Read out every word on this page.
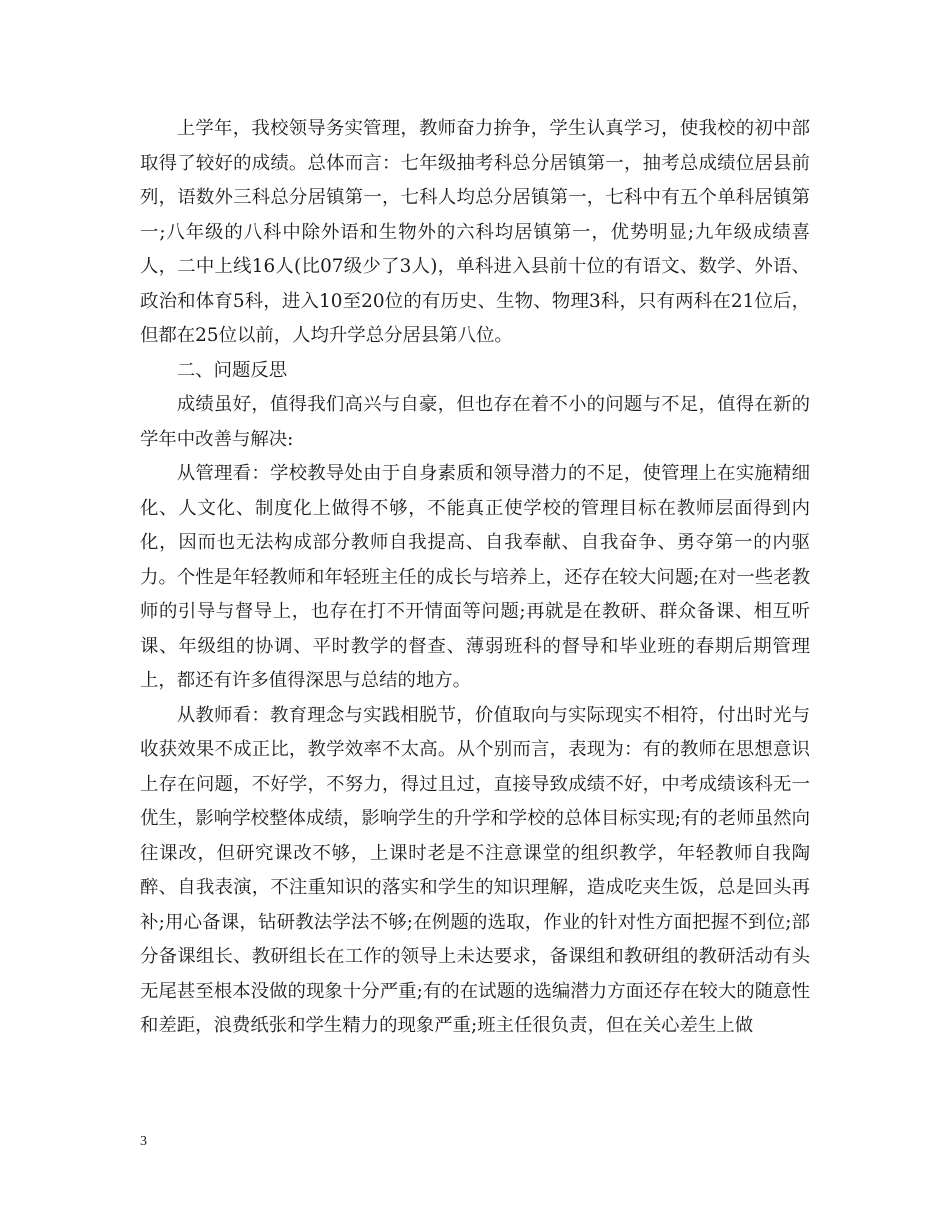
上学年，我校领导务实管理，教师奋力拚争，学生认真学习，使我校的初中部取得了较好的成绩。总体而言：七年级抽考科总分居镇第一，抽考总成绩位居县前列，语数外三科总分居镇第一，七科人均总分居镇第一，七科中有五个单科居镇第一;八年级的八科中除外语和生物外的六科均居镇第一，优势明显;九年级成绩喜人，二中上线16人(比07级少了3人)，单科进入县前十位的有语文、数学、外语、政治和体育5科，进入10至20位的有历史、生物、物理3科，只有两科在21位后，但都在25位以前，人均升学总分居县第八位。

二、问题反思

成绩虽好，值得我们高兴与自豪，但也存在着不小的问题与不足，值得在新的学年中改善与解决:

从管理看：学校教导处由于自身素质和领导潜力的不足，使管理上在实施精细化、人文化、制度化上做得不够，不能真正使学校的管理目标在教师层面得到内化，因而也无法构成部分教师自我提高、自我奉献、自我奋争、勇夺第一的内驱力。个性是年轻教师和年轻班主任的成长与培养上，还存在较大问题;在对一些老教师的引导与督导上，也存在打不开情面等问题;再就是在教研、群众备课、相互听课、年级组的协调、平时教学的督查、薄弱班科的督导和毕业班的春期后期管理上，都还有许多值得深思与总结的地方。

从教师看：教育理念与实践相脱节，价值取向与实际现实不相符，付出时光与收获效果不成正比，教学效率不太高。从个别而言，表现为：有的教师在思想意识上存在问题，不好学，不努力，得过且过，直接导致成绩不好，中考成绩该科无一优生，影响学校整体成绩，影响学生的升学和学校的总体目标实现;有的老师虽然向往课改，但研究课改不够，上课时老是不注意课堂的组织教学，年轻教师自我陶醉、自我表演，不注重知识的落实和学生的知识理解，造成吃夹生饭，总是回头再补;用心备课，钻研教法学法不够;在例题的选取，作业的针对性方面把握不到位;部分备课组长、教研组长在工作的领导上未达要求，备课组和教研组的教研活动有头无尾甚至根本没做的现象十分严重;有的在试题的选编潜力方面还存在较大的随意性和差距，浪费纸张和学生精力的现象严重;班主任很负责，但在关心差生上做

3
